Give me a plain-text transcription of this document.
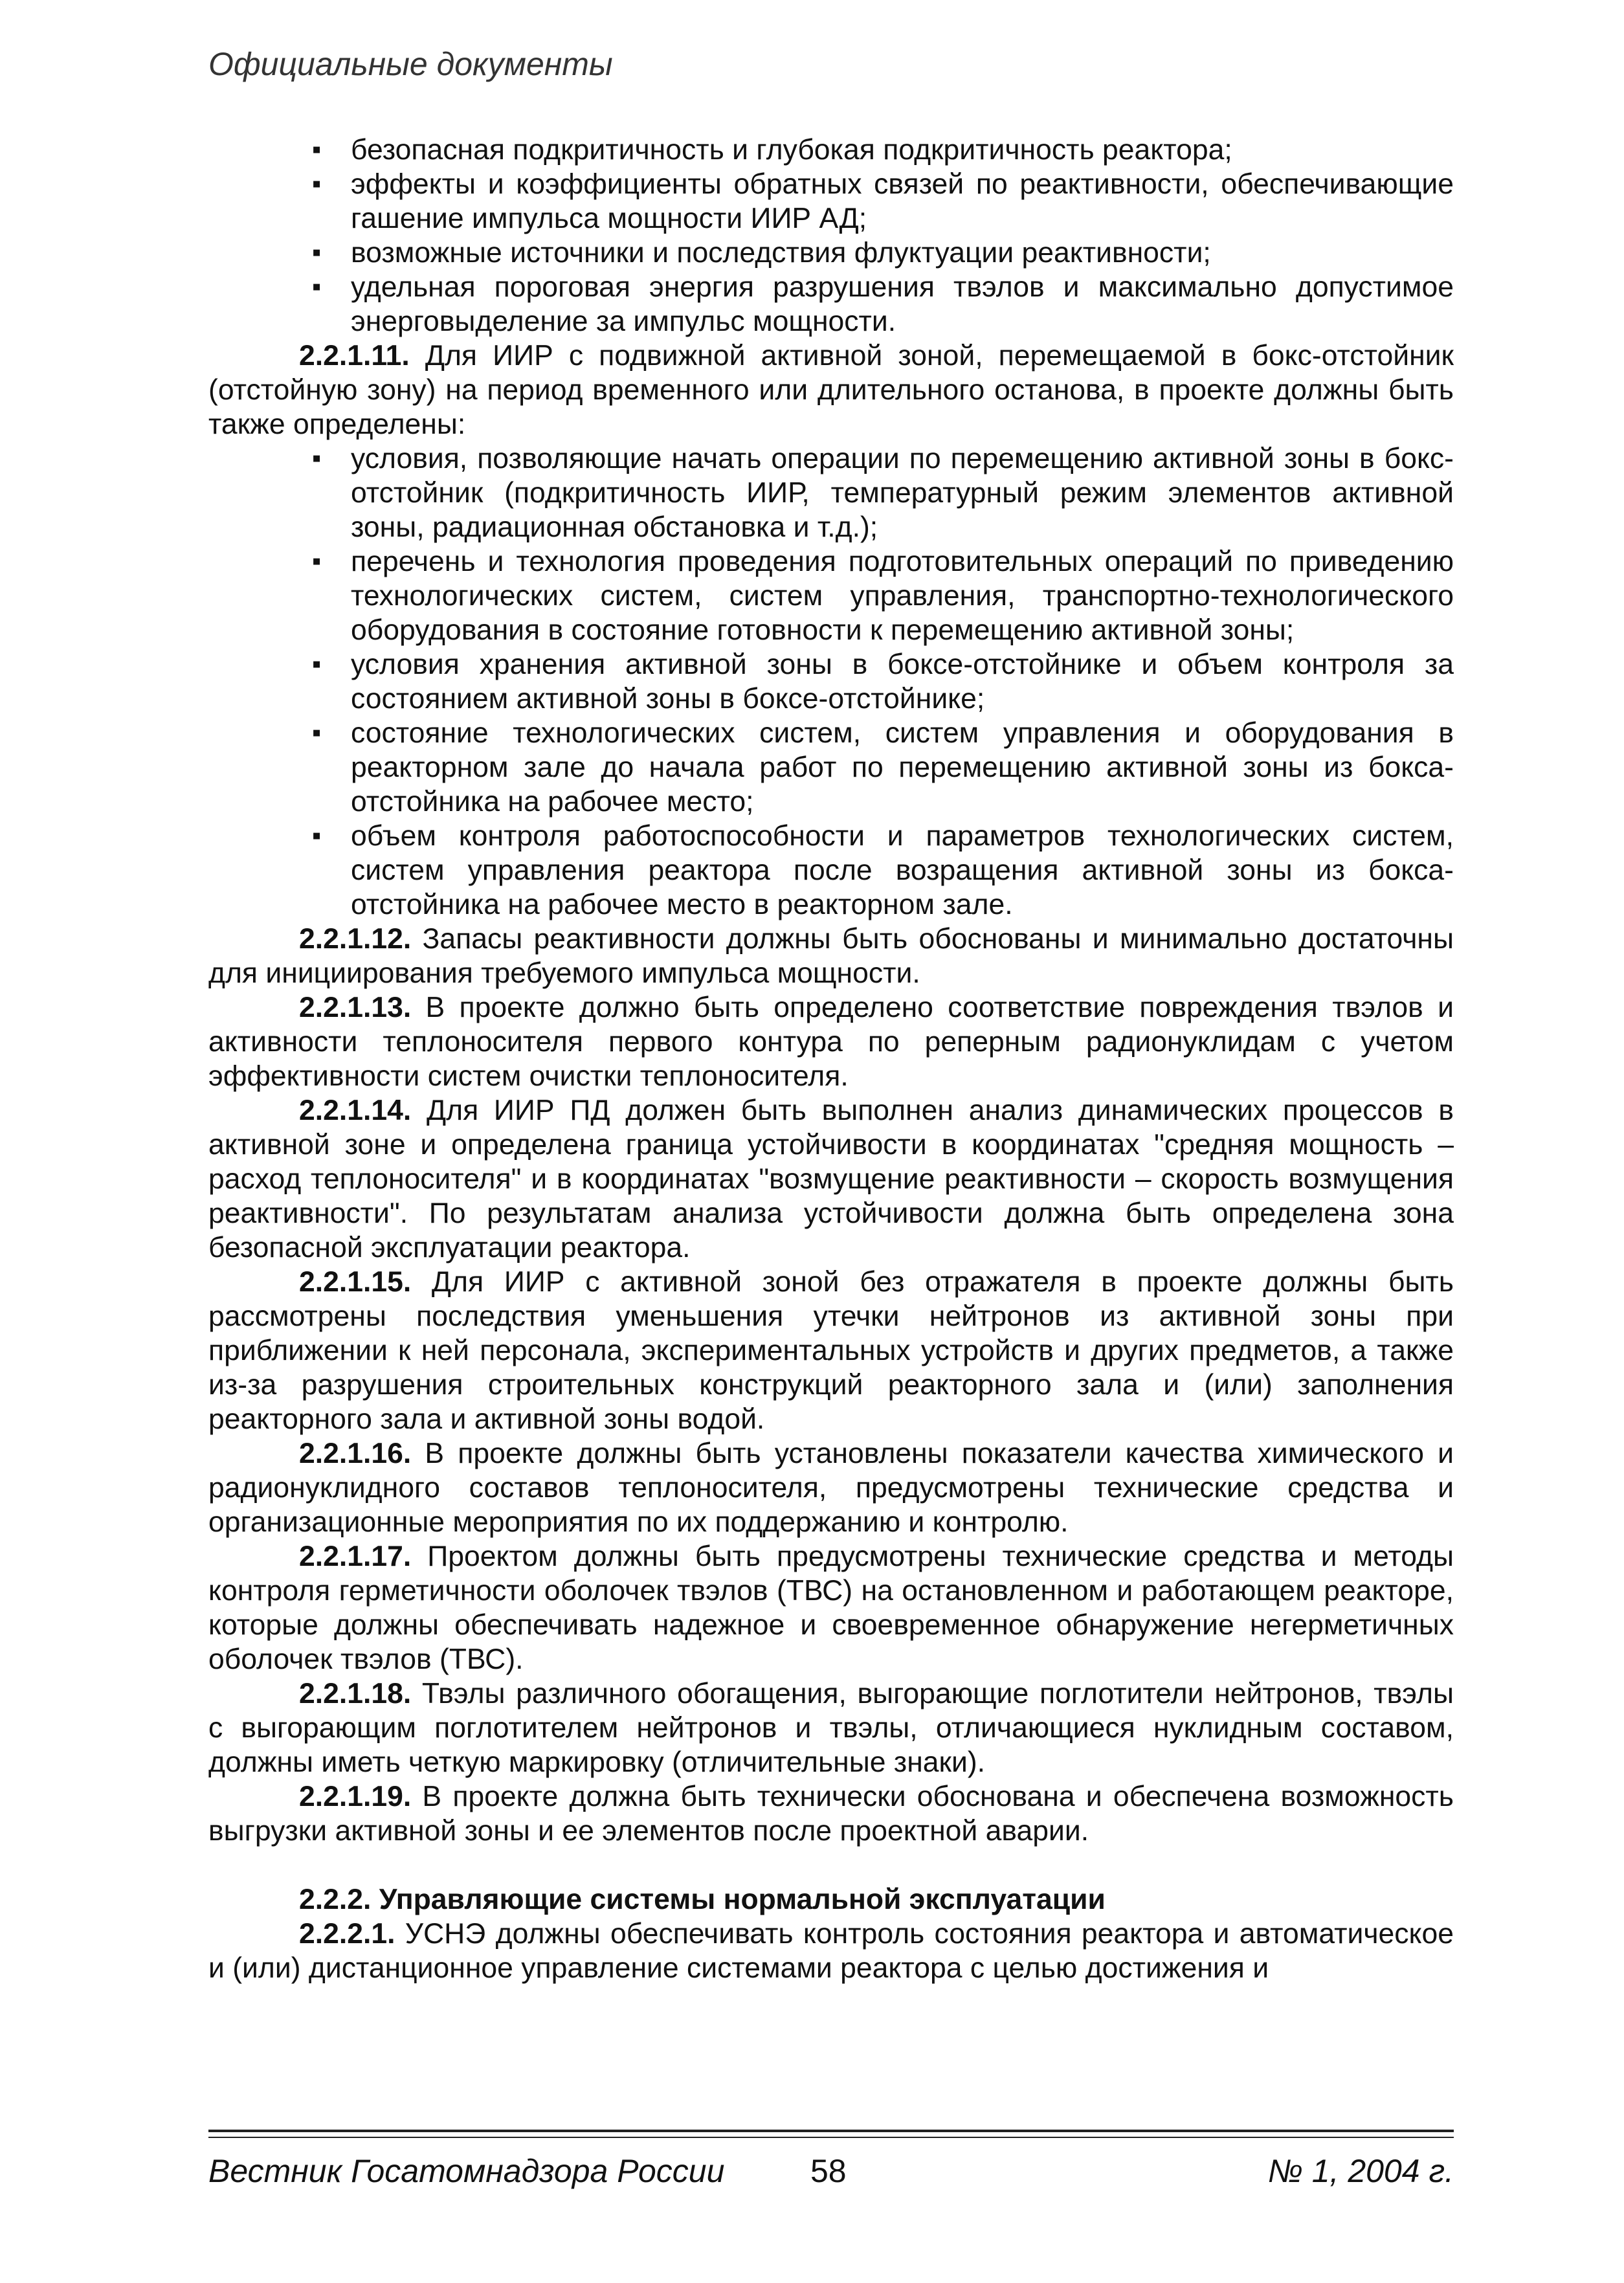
Официальные документы
▪ безопасная подкритичность и глубокая подкритичность реактора;
▪ эффекты и коэффициенты обратных связей по реактивности, обеспечивающие гашение импульса мощности ИИР АД;
▪ возможные источники и последствия флуктуации реактивности;
▪ удельная пороговая энергия разрушения твэлов и максимально допустимое энерговыделение за импульс мощности.

2.2.1.11. Для ИИР с подвижной активной зоной, перемещаемой в бокс-отстойник (отстойную зону) на период временного или длительного останова, в проекте должны быть также определены:

▪ условия, позволяющие начать операции по перемещению активной зоны в бокс-отстойник (подкритичность ИИР, температурный режим элементов активной зоны, радиационная обстановка и т.д.);
▪ перечень и технология проведения подготовительных операций по приведению технологических систем, систем управления, транспортно-технологического оборудования в состояние готовности к перемещению активной зоны;
▪ условия хранения активной зоны в боксе-отстойнике и объем контроля за состоянием активной зоны в боксе-отстойнике;
▪ состояние технологических систем, систем управления и оборудования в реакторном зале до начала работ по перемещению активной зоны из бокса-отстойника на рабочее место;
▪ объем контроля работоспособности и параметров технологических систем, систем управления реактора после возращения активной зоны из бокса-отстойника на рабочее место в реакторном зале.

2.2.1.12. Запасы реактивности должны быть обоснованы и минимально достаточны для инициирования требуемого импульса мощности.

2.2.1.13. В проекте должно быть определено соответствие повреждения твэлов и активности теплоносителя первого контура по реперным радионуклидам с учетом эффективности систем очистки теплоносителя.

2.2.1.14. Для ИИР ПД должен быть выполнен анализ динамических процессов в активной зоне и определена граница устойчивости в координатах "средняя мощность – расход теплоносителя" и в координатах "возмущение реактивности – скорость возмущения реактивности". По результатам анализа устойчивости должна быть определена зона безопасной эксплуатации реактора.

2.2.1.15. Для ИИР с активной зоной без отражателя в проекте должны быть рассмотрены последствия уменьшения утечки нейтронов из активной зоны при приближении к ней персонала, экспериментальных устройств и других предметов, а также из-за разрушения строительных конструкций реакторного зала и (или) заполнения реакторного зала и активной зоны водой.

2.2.1.16. В проекте должны быть установлены показатели качества химического и радионуклидного составов теплоносителя, предусмотрены технические средства и организационные мероприятия по их поддержанию и контролю.

2.2.1.17. Проектом должны быть предусмотрены технические средства и методы контроля герметичности оболочек твэлов (ТВС) на остановленном и работающем реакторе, которые должны обеспечивать надежное и своевременное обнаружение негерметичных оболочек твэлов (ТВС).

2.2.1.18. Твэлы различного обогащения, выгорающие поглотители нейтронов, твэлы с выгорающим поглотителем нейтронов и твэлы, отличающиеся нуклидным составом, должны иметь четкую маркировку (отличительные знаки).

2.2.1.19. В проекте должна быть технически обоснована и обеспечена возможность выгрузки активной зоны и ее элементов после проектной аварии.

2.2.2. Управляющие системы нормальной эксплуатации

2.2.2.1. УСНЭ должны обеспечивать контроль состояния реактора и автоматическое и (или) дистанционное управление системами реактора с целью достижения и

Вестник Госатомнадзора России	58	№ 1, 2004 г.
